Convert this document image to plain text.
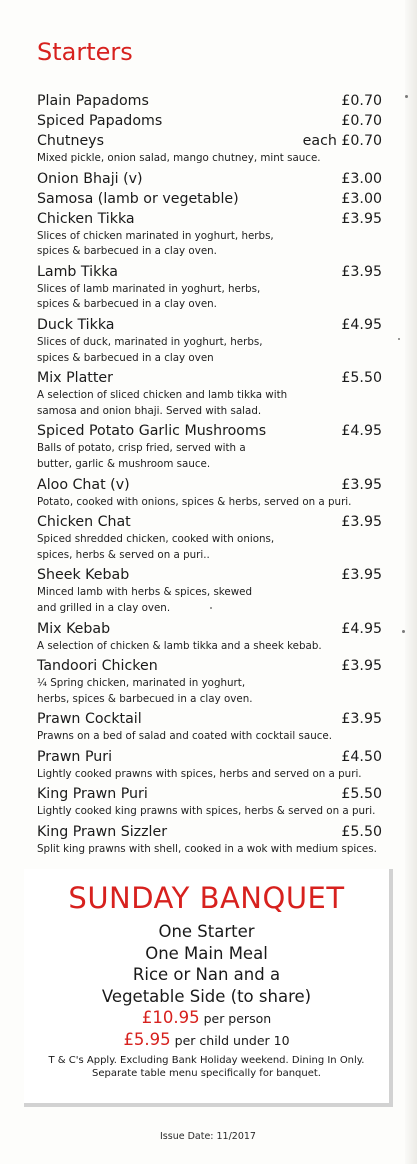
Starters
Plain Papadoms	£0.70
Spiced Papadoms	£0.70
Chutneys	each £0.70
Mixed pickle, onion salad, mango chutney, mint sauce.
Onion Bhaji (v)	£3.00
Samosa (lamb or vegetable)	£3.00
Chicken Tikka	£3.95
Slices of chicken marinated in yoghurt, herbs,
spices & barbecued in a clay oven.
Lamb Tikka	£3.95
Slices of lamb marinated in yoghurt, herbs,
spices & barbecued in a clay oven.
Duck Tikka	£4.95
Slices of duck, marinated in yoghurt, herbs,
spices & barbecued in a clay oven
Mix Platter	£5.50
A selection of sliced chicken and lamb tikka with
samosa and onion bhaji. Served with salad.
Spiced Potato Garlic Mushrooms	£4.95
Balls of potato, crisp fried, served with a
butter, garlic & mushroom sauce.
Aloo Chat (v)	£3.95
Potato, cooked with onions, spices & herbs, served on a puri.
Chicken Chat	£3.95
Spiced shredded chicken, cooked with onions,
spices, herbs & served on a puri..
Sheek Kebab	£3.95
Minced lamb with herbs & spices, skewed
and grilled in a clay oven.
Mix Kebab	£4.95
A selection of chicken & lamb tikka and a sheek kebab.
Tandoori Chicken	£3.95
¼ Spring chicken, marinated in yoghurt,
herbs, spices & barbecued in a clay oven.
Prawn Cocktail	£3.95
Prawns on a bed of salad and coated with cocktail sauce.
Prawn Puri	£4.50
Lightly cooked prawns with spices, herbs and served on a puri.
King Prawn Puri	£5.50
Lightly cooked king prawns with spices, herbs & served on a puri.
King Prawn Sizzler	£5.50
Split king prawns with shell, cooked in a wok with medium spices.
SUNDAY BANQUET
One Starter
One Main Meal
Rice or Nan and a
Vegetable Side (to share)
£10.95 per person
£5.95 per child under 10
T & C's Apply. Excluding Bank Holiday weekend. Dining In Only.
Separate table menu specifically for banquet.
Issue Date: 11/2017
